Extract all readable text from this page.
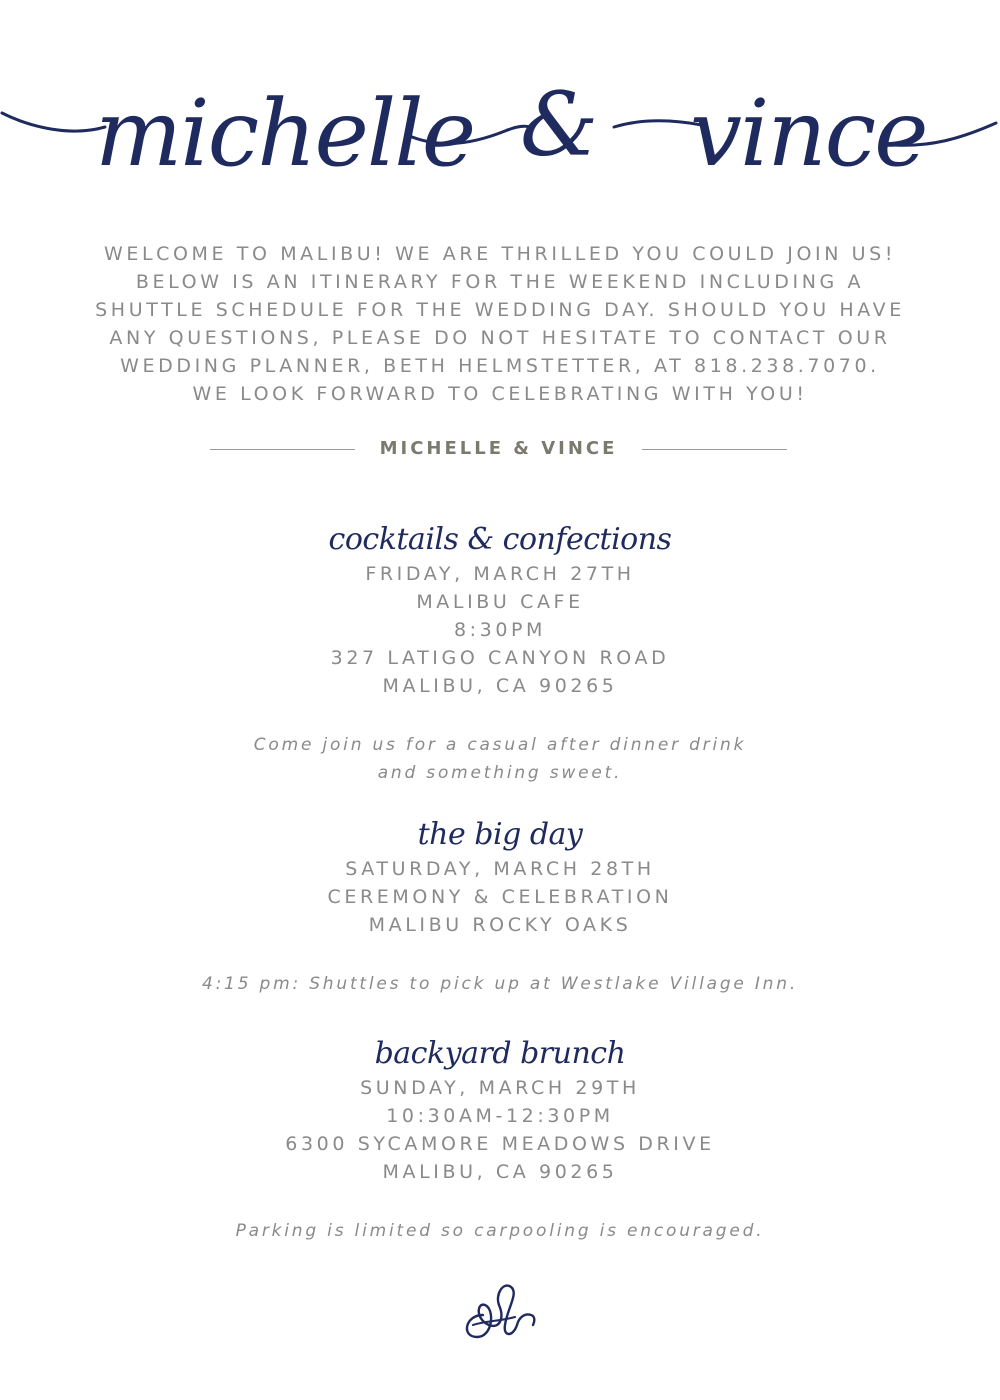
michelle & vince
WELCOME TO MALIBU! WE ARE THRILLED YOU COULD JOIN US!
BELOW IS AN ITINERARY FOR THE WEEKEND INCLUDING A
SHUTTLE SCHEDULE FOR THE WEDDING DAY. SHOULD YOU HAVE
ANY QUESTIONS, PLEASE DO NOT HESITATE TO CONTACT OUR
WEDDING PLANNER, BETH HELMSTETTER, AT 818.238.7070.
WE LOOK FORWARD TO CELEBRATING WITH YOU!
MICHELLE & VINCE
cocktails & confections
FRIDAY, MARCH 27TH
MALIBU CAFE
8:30PM
327 LATIGO CANYON ROAD
MALIBU, CA 90265
Come join us for a casual after dinner drink
and something sweet.
the big day
SATURDAY, MARCH 28TH
CEREMONY & CELEBRATION
MALIBU ROCKY OAKS
4:15 pm: Shuttles to pick up at Westlake Village Inn.
backyard brunch
SUNDAY, MARCH 29TH
10:30AM-12:30PM
6300 SYCAMORE MEADOWS DRIVE
MALIBU, CA 90265
Parking is limited so carpooling is encouraged.
